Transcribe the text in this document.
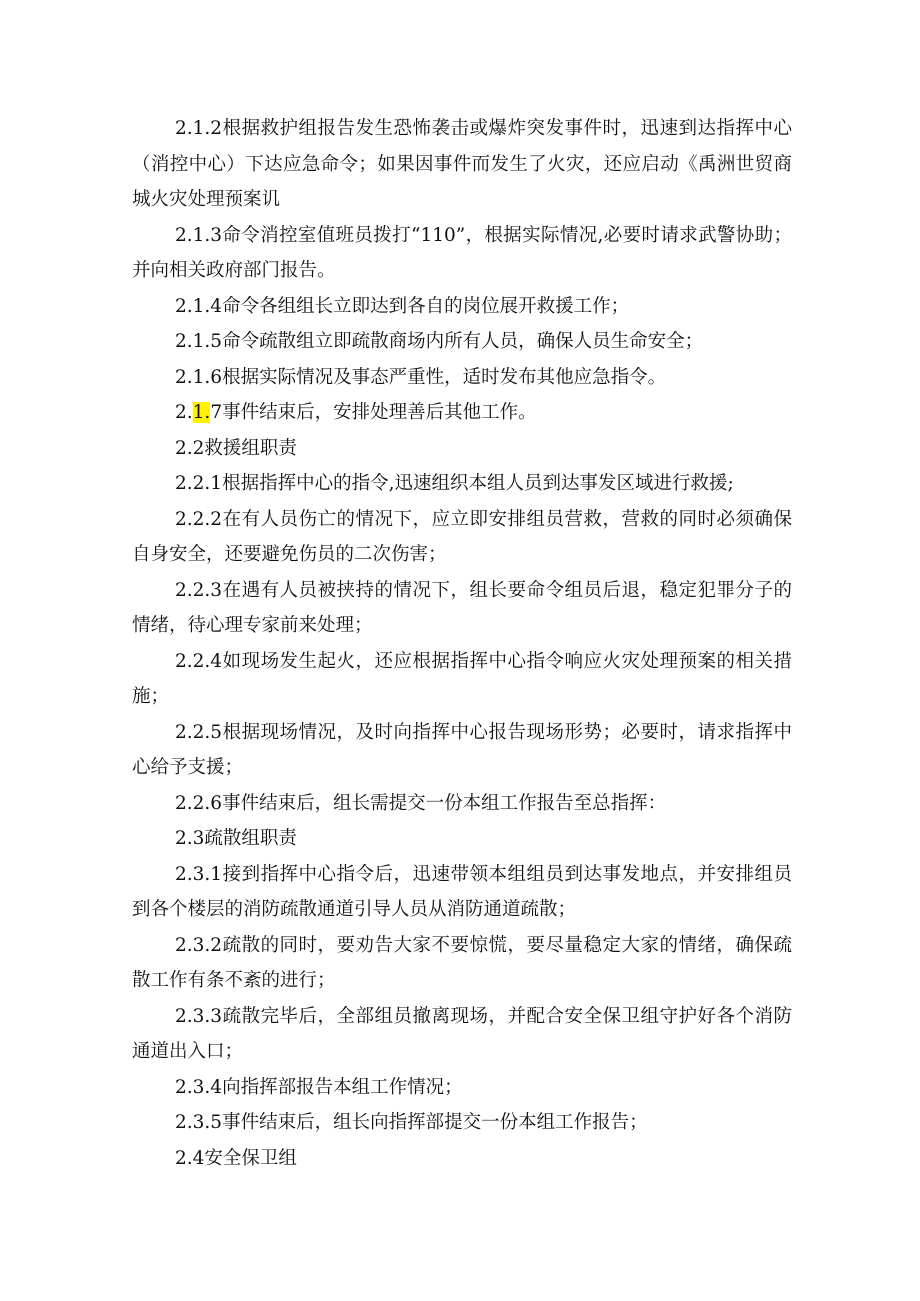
2.1.2根据救护组报告发生恐怖袭击或爆炸突发事件时，迅速到达指挥中心（消控中心）下达应急命令；如果因事件而发生了火灾，还应启动《禹洲世贸商城火灾处理预案讥

2.1.3命令消控室值班员拨打“110”，根据实际情况,必要时请求武警协助；并向相关政府部门报告。

2.1.4命令各组组长立即达到各自的岗位展开救援工作；

2.1.5命令疏散组立即疏散商场内所有人员，确保人员生命安全；

2.1.6根据实际情况及事态严重性，适时发布其他应急指令。

2.1.7事件结束后，安排处理善后其他工作。

2.2救援组职责

2.2.1根据指挥中心的指令,迅速组织本组人员到达事发区域进行救援;

2.2.2在有人员伤亡的情况下，应立即安排组员营救，营救的同时必须确保自身安全，还要避免伤员的二次伤害；

2.2.3在遇有人员被挟持的情况下，组长要命令组员后退，稳定犯罪分子的情绪，待心理专家前来处理；

2.2.4如现场发生起火，还应根据指挥中心指令响应火灾处理预案的相关措施；

2.2.5根据现场情况，及时向指挥中心报告现场形势；必要时，请求指挥中心给予支援；

2.2.6事件结束后，组长需提交一份本组工作报告至总指挥：

2.3疏散组职责

2.3.1接到指挥中心指令后，迅速带领本组组员到达事发地点，并安排组员到各个楼层的消防疏散通道引导人员从消防通道疏散；

2.3.2疏散的同时，要劝告大家不要惊慌，要尽量稳定大家的情绪，确保疏散工作有条不紊的进行；

2.3.3疏散完毕后，全部组员撤离现场，并配合安全保卫组守护好各个消防通道出入口；

2.3.4向指挥部报告本组工作情况；

2.3.5事件结束后，组长向指挥部提交一份本组工作报告；

2.4安全保卫组
